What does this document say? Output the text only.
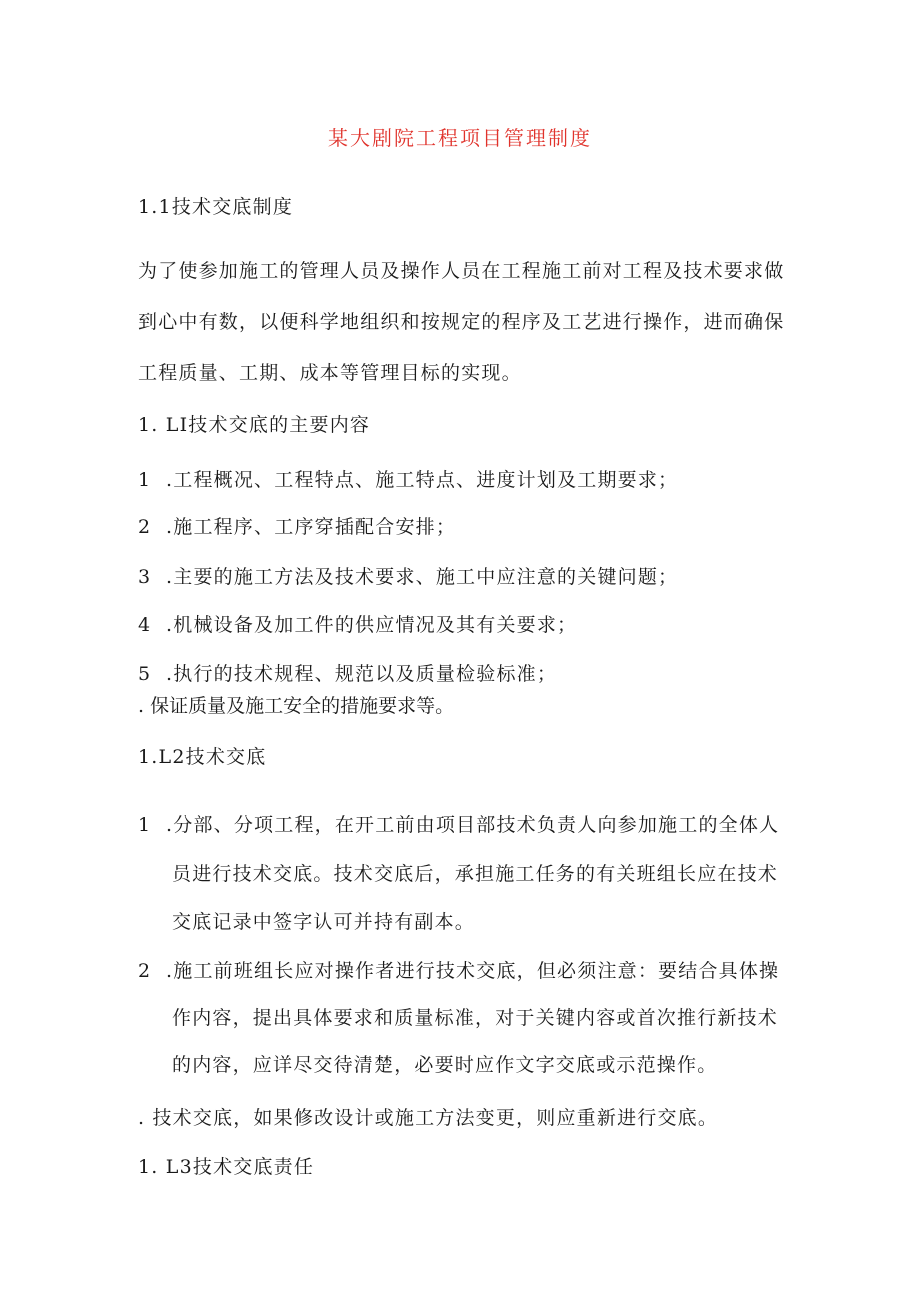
某大剧院工程项目管理制度
1.1技术交底制度
为了使参加施工的管理人员及操作人员在工程施工前对工程及技术要求做
到心中有数，以便科学地组织和按规定的程序及工艺进行操作，进而确保
工程质量、工期、成本等管理目标的实现。
1. LI技术交底的主要内容
1 .工程概况、工程特点、施工特点、进度计划及工期要求；
2 .施工程序、工序穿插配合安排；
3 .主要的施工方法及技术要求、施工中应注意的关键问题；
4 .机械设备及加工件的供应情况及其有关要求；
5 .执行的技术规程、规范以及质量检验标准；
. 保证质量及施工安全的措施要求等。
1.L2技术交底
1 .分部、分项工程，在开工前由项目部技术负责人向参加施工的全体人
员进行技术交底。技术交底后，承担施工任务的有关班组长应在技术
交底记录中签字认可并持有副本。
2 .施工前班组长应对操作者进行技术交底，但必须注意：要结合具体操
作内容，提出具体要求和质量标准，对于关键内容或首次推行新技术
的内容，应详尽交待清楚，必要时应作文字交底或示范操作。
. 技术交底，如果修改设计或施工方法变更，则应重新进行交底。
1. L3技术交底责任
